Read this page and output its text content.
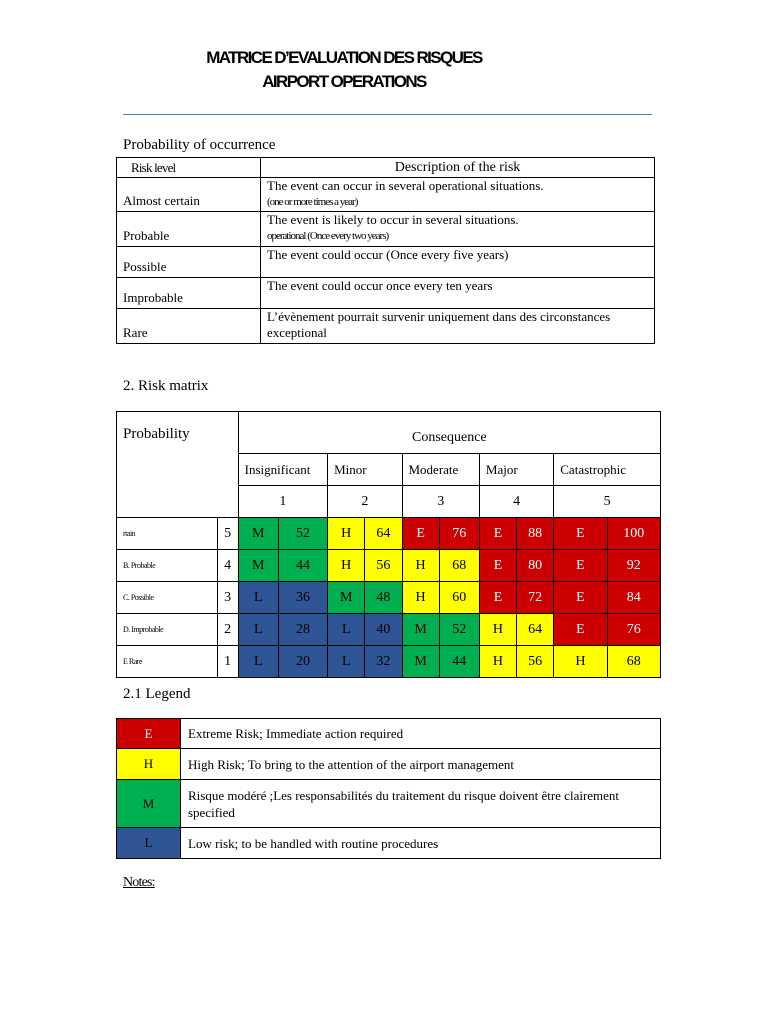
MATRICE D’EVALUATION DES RISQUES
AIRPORT OPERATIONS
Probability of occurrence
Risk level	Description of the risk
Almost certain	The event can occur in several operational situations.
(one or more times a year)

Probable	The event is likely to occur in several situations.
operational (Once every two years)

Possible	The event could occur (Once every five years)
Improbable	The event could occur once every ten years
Rare	L’évènement pourrait survenir uniquement dans des circonstances exceptional
2. Risk matrix
Probability		Consequence									
		Insignificant		Minor		Moderate		Major		Catastrophic	
		1		2		3		4		5	
rtain	5	M	52	H	64	E	76	E	88	E	100
B. Probable	4	M	44	H	56	H	68	E	80	E	92
C. Possible	3	L	36	M	48	H	60	E	72	E	84
D. Improbable	2	L	28	L	40	M	52	H	64	E	76
E Rare	1	L	20	L	32	M	44	H	56	H	68
2.1 Legend
E	Extreme Risk; Immediate action required
H	High Risk; To bring to the attention of the airport management
M	Risque modéré ;Les responsabilités du traitement du risque doivent être clairement specified
L	Low risk; to be handled with routine procedures
Notes:
